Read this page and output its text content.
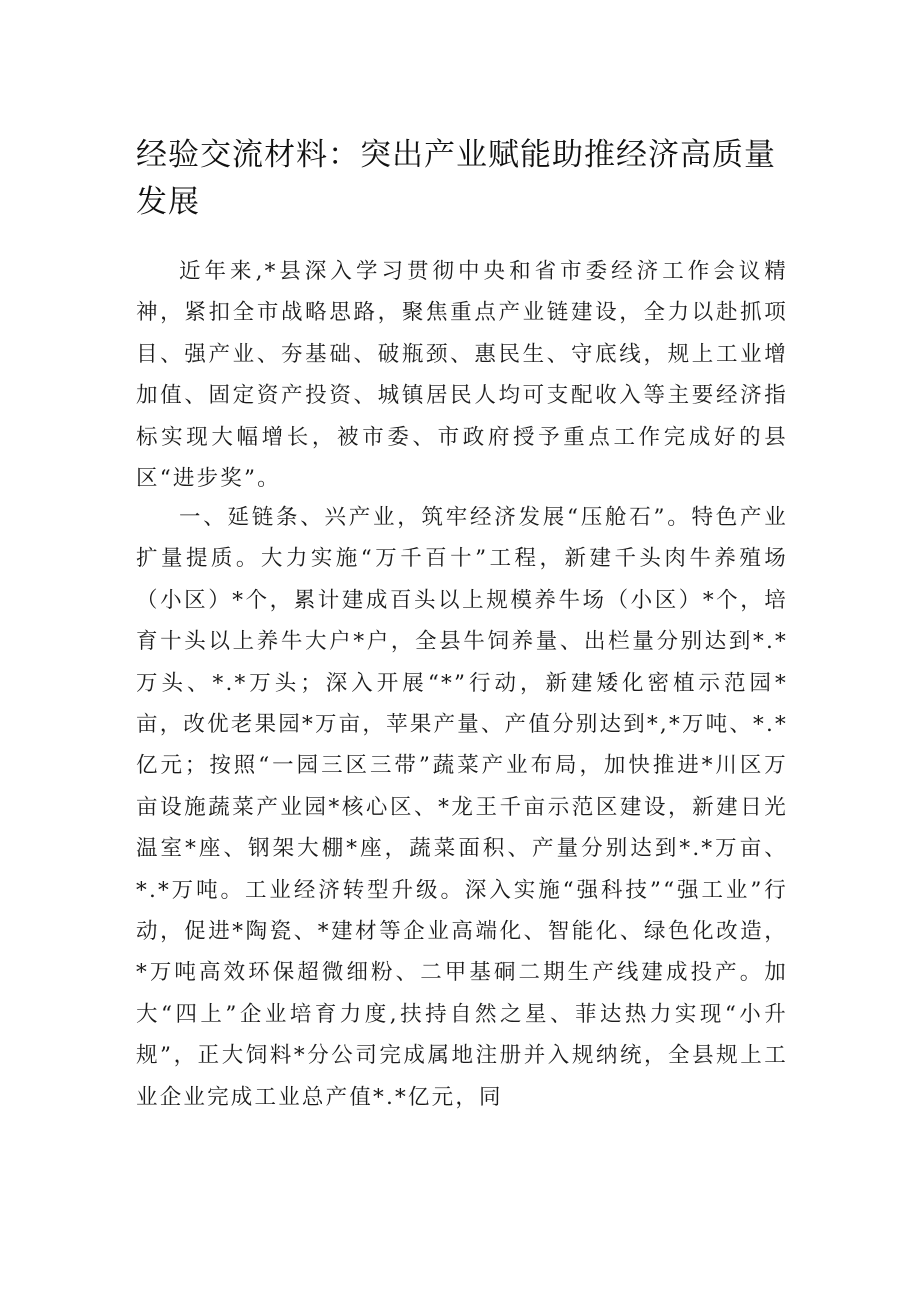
经验交流材料：突出产业赋能助推经济高质量发展

近年来,*县深入学习贯彻中央和省市委经济工作会议精神，紧扣全市战略思路，聚焦重点产业链建设，全力以赴抓项目、强产业、夯基础、破瓶颈、惠民生、守底线，规上工业增加值、固定资产投资、城镇居民人均可支配收入等主要经济指标实现大幅增长，被市委、市政府授予重点工作完成好的县区“进步奖”。

一、延链条、兴产业，筑牢经济发展“压舱石”。特色产业扩量提质。大力实施“万千百十”工程，新建千头肉牛养殖场（小区）*个，累计建成百头以上规模养牛场（小区）*个，培育十头以上养牛大户*户，全县牛饲养量、出栏量分别达到*.*万头、*.*万头；深入开展“*”行动，新建矮化密植示范园*亩，改优老果园*万亩，苹果产量、产值分别达到*,*万吨、*.*亿元；按照“一园三区三带”蔬菜产业布局，加快推进*川区万亩设施蔬菜产业园*核心区、*龙王千亩示范区建设，新建日光温室*座、钢架大棚*座，蔬菜面积、产量分别达到*.*万亩、*.*万吨。工业经济转型升级。深入实施“强科技”“强工业”行动，促进*陶瓷、*建材等企业高端化、智能化、绿色化改造，*万吨高效环保超微细粉、二甲基硐二期生产线建成投产。加大“四上”企业培育力度,扶持自然之星、菲达热力实现“小升规”，正大饲料*分公司完成属地注册并入规纳统，全县规上工业企业完成工业总产值*.*亿元，同
